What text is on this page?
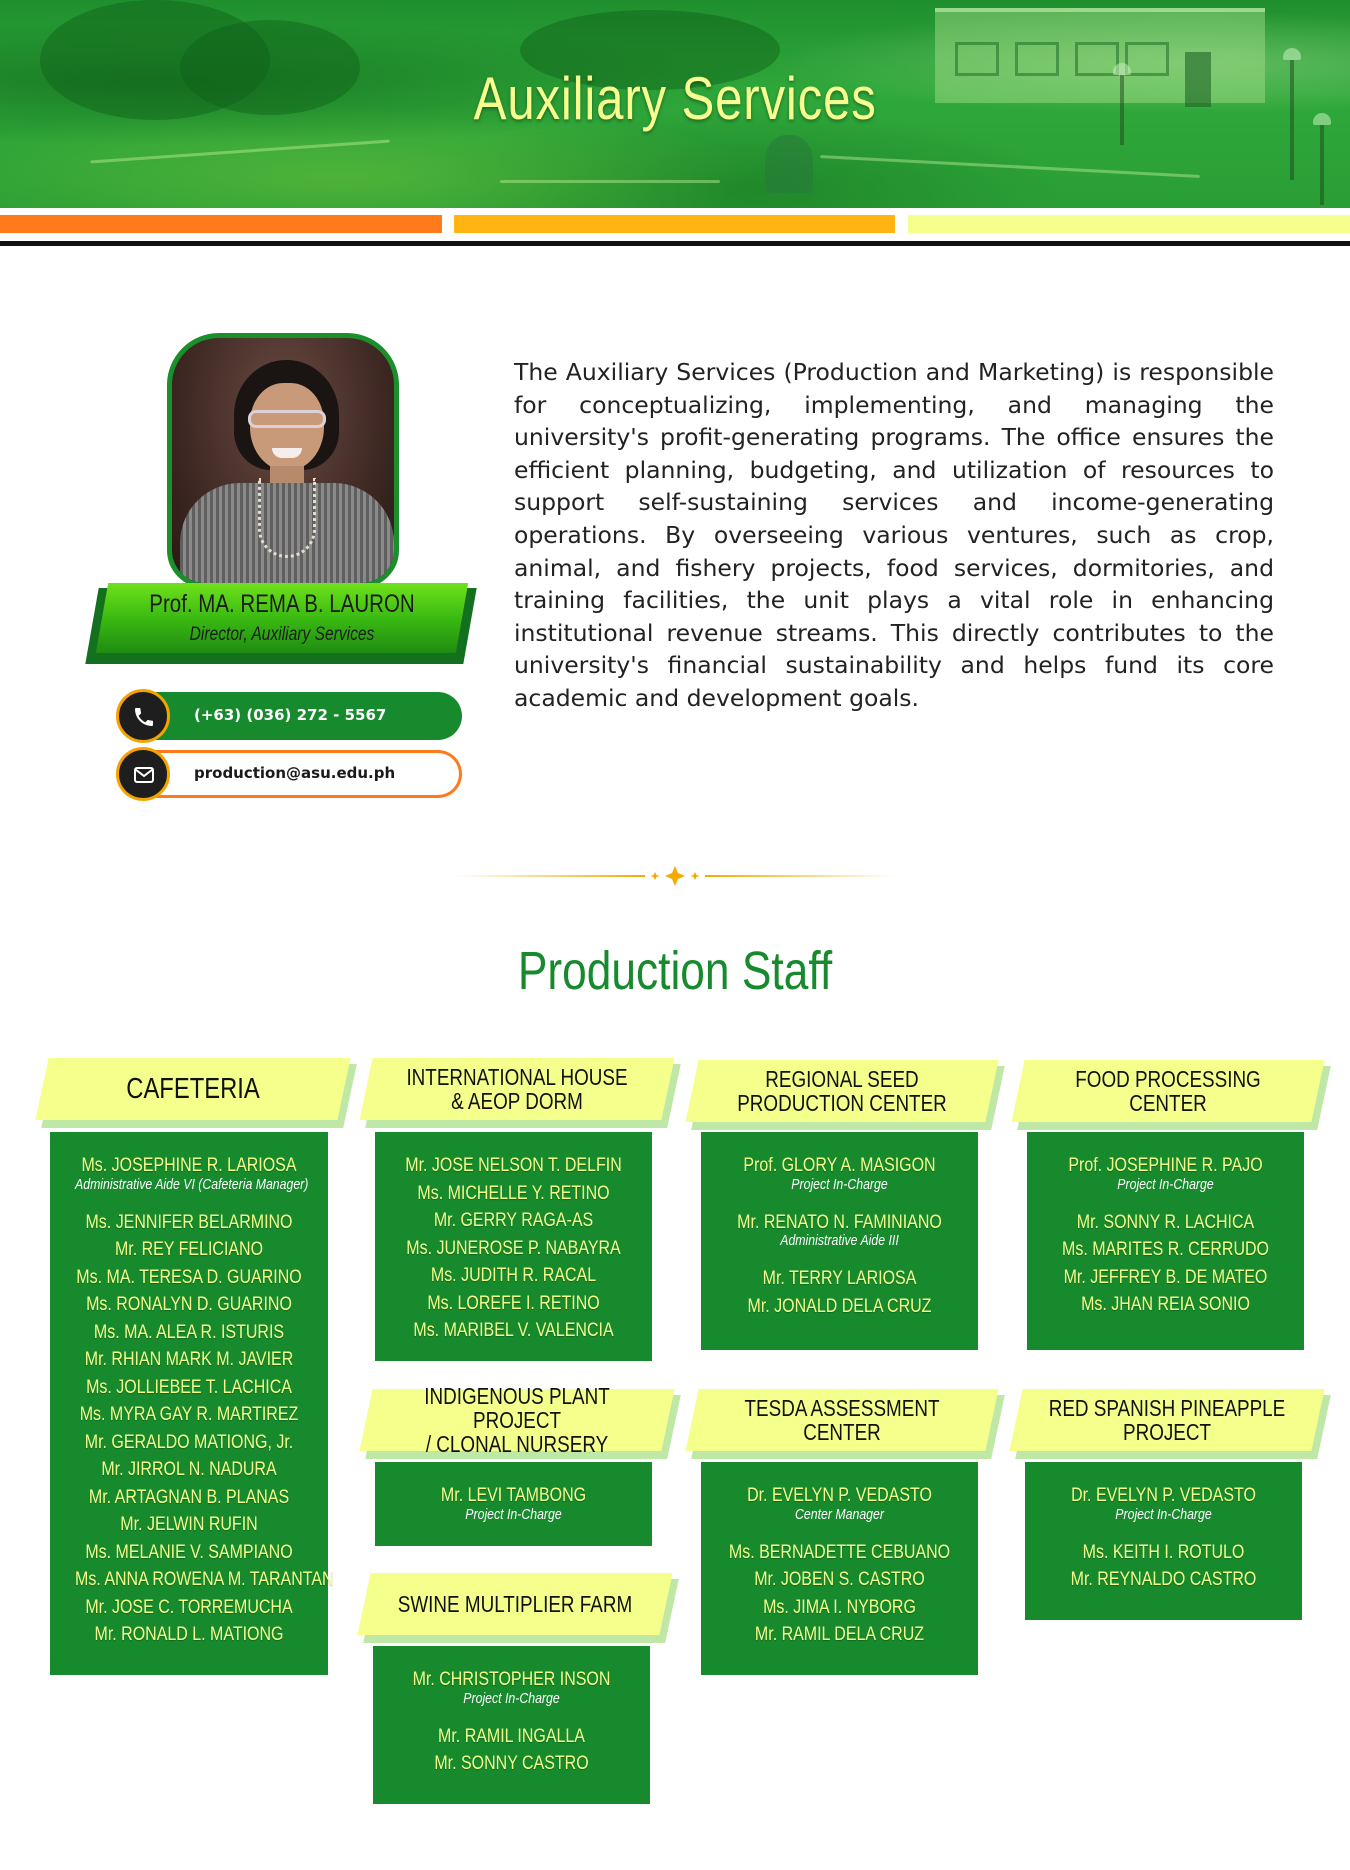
Auxiliary Services
Prof. MA. REMA B. LAURON
Director, Auxiliary Services
(+63) (036) 272 - 5567
production@asu.edu.ph
The Auxiliary Services (Production and Marketing) is responsible for conceptualizing, implementing, and managing the university's profit-generating programs. The office ensures the efficient planning, budgeting, and utilization of resources to support self-sustaining services and income-generating operations. By overseeing various ventures, such as crop, animal, and fishery projects, food services, dormitories, and training facilities, the unit plays a vital role in enhancing institutional revenue streams. This directly contributes to the university's financial sustainability and helps fund its core academic and development goals.
Production Staff
CAFETERIA
Ms. JOSEPHINE R. LARIOSA
Administrative Aide VI (Cafeteria Manager)
Ms. JENNIFER BELARMINO
Mr. REY FELICIANO
Ms. MA. TERESA D. GUARINO
Ms. RONALYN D. GUARINO
Ms. MA. ALEA R. ISTURIS
Mr. RHIAN MARK M. JAVIER
Ms. JOLLIEBEE T. LACHICA
Ms. MYRA GAY R. MARTIREZ
Mr. GERALDO MATIONG, Jr.
Mr. JIRROL N. NADURA
Mr. ARTAGNAN B. PLANAS
Mr. JELWIN RUFIN
Ms. MELANIE V. SAMPIANO
Ms. ANNA ROWENA M. TARANTAN
Mr. JOSE C. TORREMUCHA
Mr. RONALD L. MATIONG
INTERNATIONAL HOUSE
& AEOP DORM
Mr. JOSE NELSON T. DELFIN
Ms. MICHELLE Y. RETINO
Mr. GERRY RAGA-AS
Ms. JUNEROSE P. NABAYRA
Ms. JUDITH R. RACAL
Ms. LOREFE I. RETINO
Ms. MARIBEL V. VALENCIA
REGIONAL SEED
PRODUCTION CENTER
Prof. GLORY A. MASIGON
Project In-Charge
Mr. RENATO N. FAMINIANO
Administrative Aide III
Mr. TERRY LARIOSA
Mr. JONALD DELA CRUZ
FOOD PROCESSING
CENTER
Prof. JOSEPHINE R. PAJO
Project In-Charge
Mr. SONNY R. LACHICA
Ms. MARITES R. CERRUDO
Mr. JEFFREY B. DE MATEO
Ms. JHAN REIA SONIO
INDIGENOUS PLANT PROJECT
/ CLONAL NURSERY
Mr. LEVI TAMBONG
Project In-Charge
TESDA ASSESSMENT CENTER
Dr. EVELYN P. VEDASTO
Center Manager
Ms. BERNADETTE CEBUANO
Mr. JOBEN S. CASTRO
Ms. JIMA I. NYBORG
Mr. RAMIL DELA CRUZ
RED SPANISH PINEAPPLE
PROJECT
Dr. EVELYN P. VEDASTO
Project In-Charge
Ms. KEITH I. ROTULO
Mr. REYNALDO CASTRO
SWINE MULTIPLIER FARM
Mr. CHRISTOPHER INSON
Project In-Charge
Mr. RAMIL INGALLA
Mr. SONNY CASTRO
